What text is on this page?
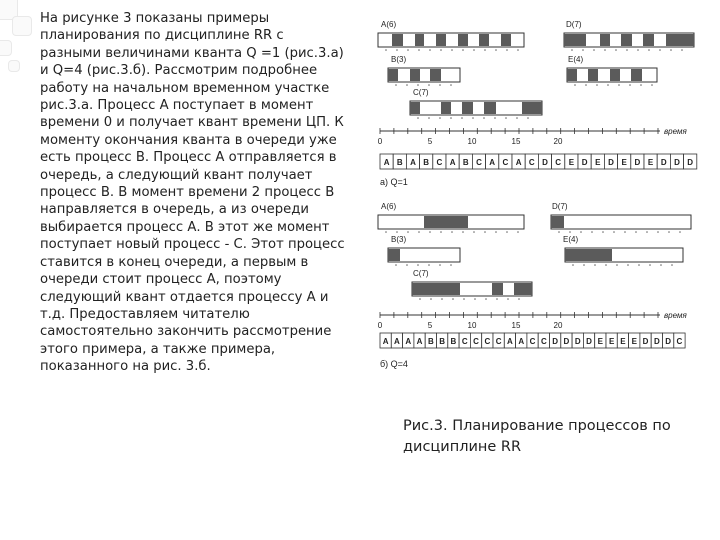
На рисунке 3 показаны примеры планирования по дисциплине RR с разными величинами кванта Q =1 (рис.3.а) и Q=4 (рис.3.б). Рассмотрим подробнее работу на начальном временном участке рис.3.а. Процесс А поступает в момент времени 0 и получает квант времени ЦП. К моменту окончания кванта в очереди уже есть процесс В. Процесс А отправляется в очередь, а следующий квант получает процесс В. В момент времени 2 процесс В направляется в очередь, а из очереди выбирается процесс А. В этот же момент поступает новый процесс - С. Этот процесс ставится в конец очереди, а первым в очереди стоит процесс А, поэтому следующий квант отдается процессу А и т.д. Предоставляем читателю самостоятельно закончить рассмотрение этого примера, а также примера, показанного на рис. 3.б.

A(6)	D(7)
B(3)	E(4)
C(7)
0	5	10	15	20
время
A B A B C A B C A C A C D C E D E D E D E D D D
а) Q=1
A(6)	D(7)
B(3)	E(4)
C(7)
0	5	10	15	20
время
A A A A B B B C C C C A A C C D D D D E E E E D D D C
б) Q=4

Рис.3. Планирование процессов по дисциплине RR
